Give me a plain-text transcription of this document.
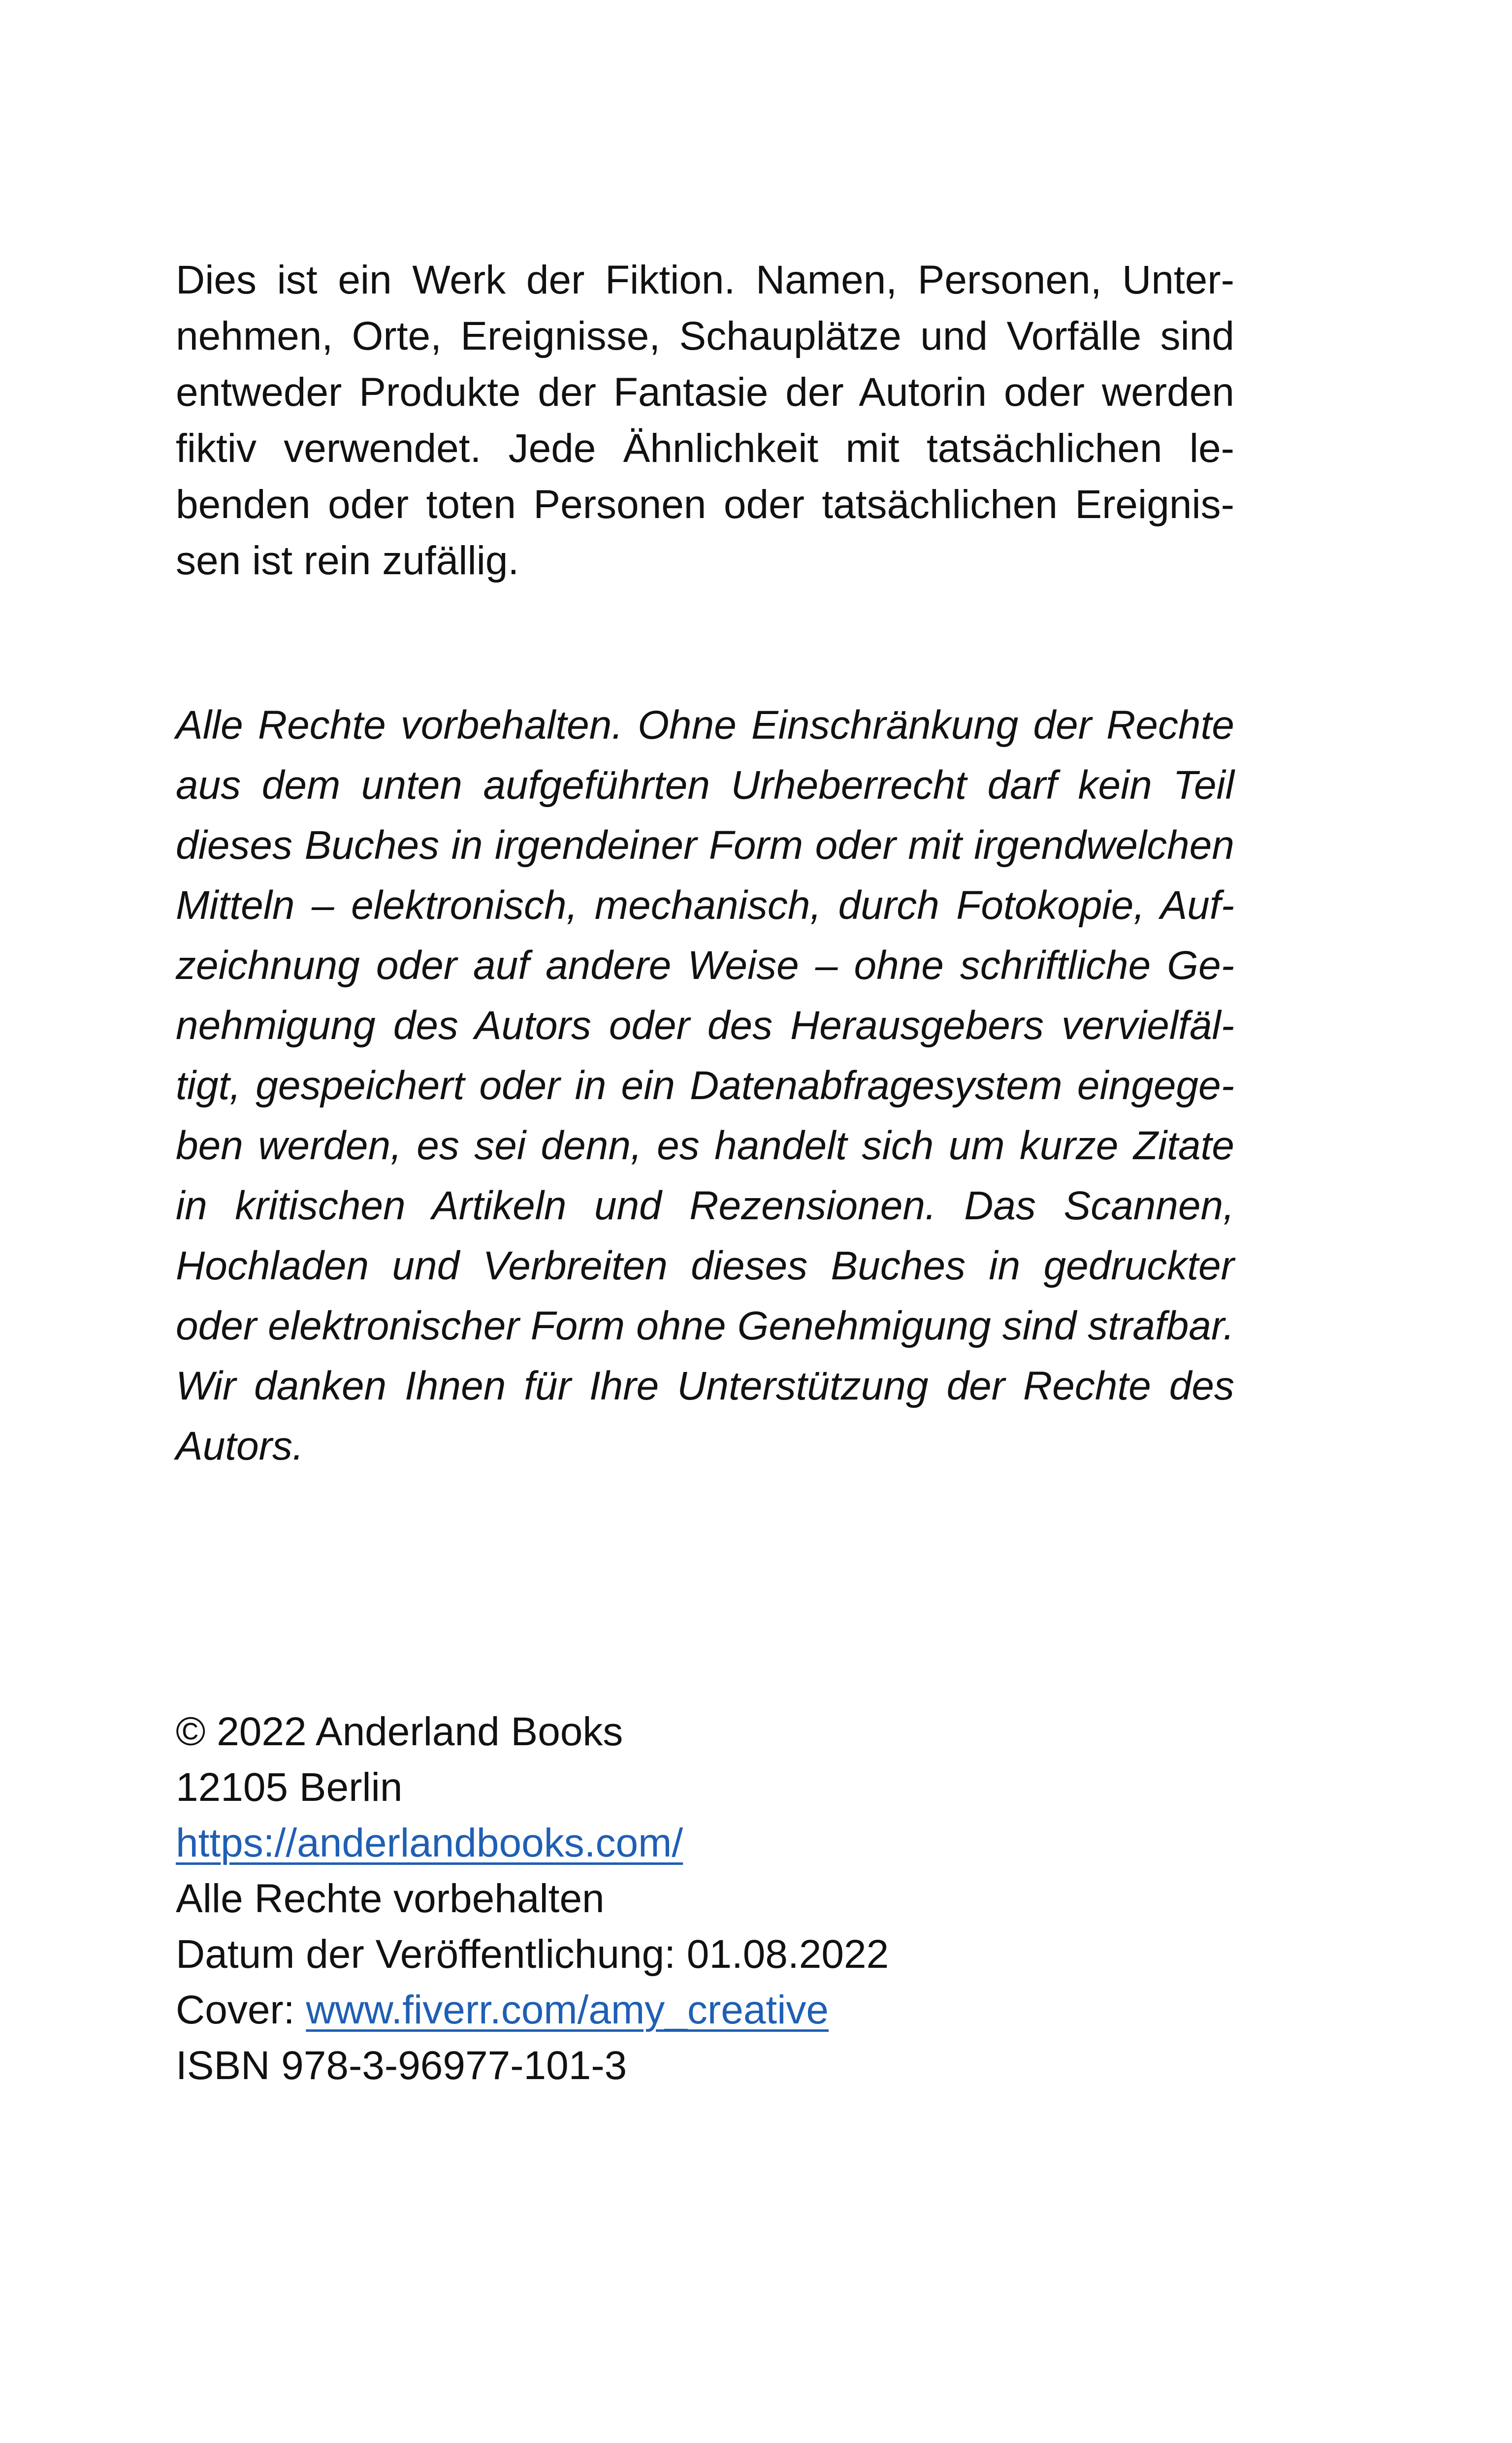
Dies ist ein Werk der Fiktion. Namen, Personen, Unternehmen, Orte, Ereignisse, Schauplätze und Vorfälle sind entweder Produkte der Fantasie der Autorin oder werden fiktiv verwendet. Jede Ähnlichkeit mit tatsächlichen lebenden oder toten Personen oder tatsächlichen Ereignissen ist rein zufällig.

Alle Rechte vorbehalten. Ohne Einschränkung der Rechte aus dem unten aufgeführten Urheberrecht darf kein Teil dieses Buches in irgendeiner Form oder mit irgendwelchen Mitteln – elektronisch, mechanisch, durch Fotokopie, Aufzeichnung oder auf andere Weise – ohne schriftliche Genehmigung des Autors oder des Herausgebers vervielfältigt, gespeichert oder in ein Datenabfragesystem eingegeben werden, es sei denn, es handelt sich um kurze Zitate in kritischen Artikeln und Rezensionen. Das Scannen, Hochladen und Verbreiten dieses Buches in gedruckter oder elektronischer Form ohne Genehmigung sind strafbar. Wir danken Ihnen für Ihre Unterstützung der Rechte des Autors.

© 2022 Anderland Books
12105 Berlin
https://anderlandbooks.com/
Alle Rechte vorbehalten
Datum der Veröffentlichung: 01.08.2022
Cover: www.fiverr.com/amy_creative
ISBN 978-3-96977-101-3
